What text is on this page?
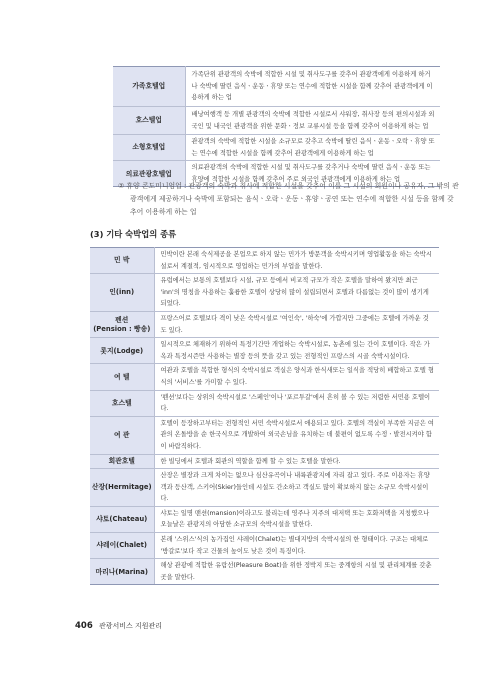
가족호텔업	가족단위 관광객의 숙박에 적합한 시설 및 취사도구를 갖추어 관광객에게 이용하게 하거나 숙박에 딸린 음식ㆍ운동ㆍ휴양 또는 연수에 적합한 시설을 함께 갖추어 관광객에게 이용하게 하는 업
호스텔업	배낭여행객 등 개별 관광객의 숙박에 적합한 시설로서 샤워장, 취사장 등의 편의시설과 외국인 및 내국인 관광객을 위한 문화ㆍ정보 교류시설 등을 함께 갖추어 이용하게 하는 업
소형호텔업	관광객의 숙박에 적합한 시설을 소규모로 갖추고 숙박에 딸린 음식ㆍ운동ㆍ오락ㆍ휴양 또는 연수에 적합한 시설을 함께 갖추어 관광객에게 이용하게 하는 업
의료관광호텔업	의료관광객의 숙박에 적합한 시설 및 취사도구를 갖추거나 숙박에 딸린 음식ㆍ운동 또는 휴양에 적합한 시설을 함께 갖추어 주로 외국인 관광객에게 이용하게 하는 업
② 휴양 콘도미니엄업 : 관광객의 숙박과 취사에 적합한 시설을 갖추어 이를 그 시설의 회원이나 공유자, 그 밖의 관광객에게 제공하거나 숙박에 포함되는 음식ㆍ오락ㆍ운동ㆍ휴양ㆍ공연 또는 연수에 적합한 시설 등을 함께 갖추어 이용하게 하는 업
(3) 기타 숙박업의 종류
민 박	민박이란 본래 숙식제공을 본업으로 하지 않는 민가가 방문객을 숙박시키며 영업활동을 하는 숙박시설로서 계절적, 임시적으로 영업하는 민가의 부업을 말한다.
인(inn)	유럽에서는 보통의 호텔보다 시설, 규모 등에서 비교적 규모가 작은 호텔을 말하여 왔지만 최근 'inn'의 명칭을 사용하는 훌륭한 호텔이 상당히 많이 설립되면서 호텔과 다름없는 것이 많이 생기게 되었다.
펜션
(Pension : 빵숑)	프랑스어로 호텔보다 격이 낮은 숙박시설로 '여인숙', '하숙'에 가깝지만 그중에는 호텔에 가까운 것도 있다.
롯지(Lodge)	일시적으로 체재하기 위하여 특정기간만 개업하는 숙박시설로, 농촌에 있는 간이 호텔이다. 작은 가옥과 특정시즌만 사용하는 별장 등의 뜻을 갖고 있는 전형적인 프랑스의 시골 숙박시설이다.
여 텔	여관과 호텔을 복합한 형식의 숙박시설로 객실은 양식과 한식새또는 일식을 적당히 배합하고 호텔 형식의 '서비스'를 가미할 수 있다.
호스텔	'펜션'보다는 상위의 숙박시설로 '스페인'이나 '포르투갈'에서 흔히 볼 수 있는 저렴한 서민용 호텔이다.
여 관	호텔이 등장하고부터는 전형적인 서민 숙박시설로서 애용되고 있다. 호텔의 객실이 부족한 지금은 여관의 온돌방을 순 한국식으로 개발하여 외국손님을 유치하는 데 불편이 없도록 수정ㆍ발전시켜야 함이 바람직하다.
회관호텔	한 빌딩에서 호텔과 회관의 역할을 함께 할 수 있는 호텔을 말한다.
산장(Hermitage)	산장은 별장과 크게 차이는 없으나 심산유곡이나 내륙관광지에 자리 잡고 있다. 주로 이용자는 휴양객과 등산객, 스키어(Skier)들인데 시설도 간소하고 객실도 많이 확보하지 않는 소규모 숙박시설이다.
샤토(Chateau)	샤토는 일명 맨션(mansion)이라고도 불리는데 영주나 지주의 대저택 또는 호화저택을 지칭했으나 오늘날은 관광지의 아담한 소규모의 숙박시설을 말한다.
샤레이(Chalet)	본래 '스위스'식의 농가집인 샤레이(Chalet)는 별대지방의 숙박시설의 한 형태이다. 구조는 대체로 '방갈로'보다 작고 건물의 높이도 낮은 것이 특징이다.
마리나(Marina)	해상 관광에 적합한 유람선(Pleasure Boat)을 위한 정박지 또는 중계항의 시설 및 관리체계를 갖춘 곳을 말한다.
406 관광서비스 지원관리
